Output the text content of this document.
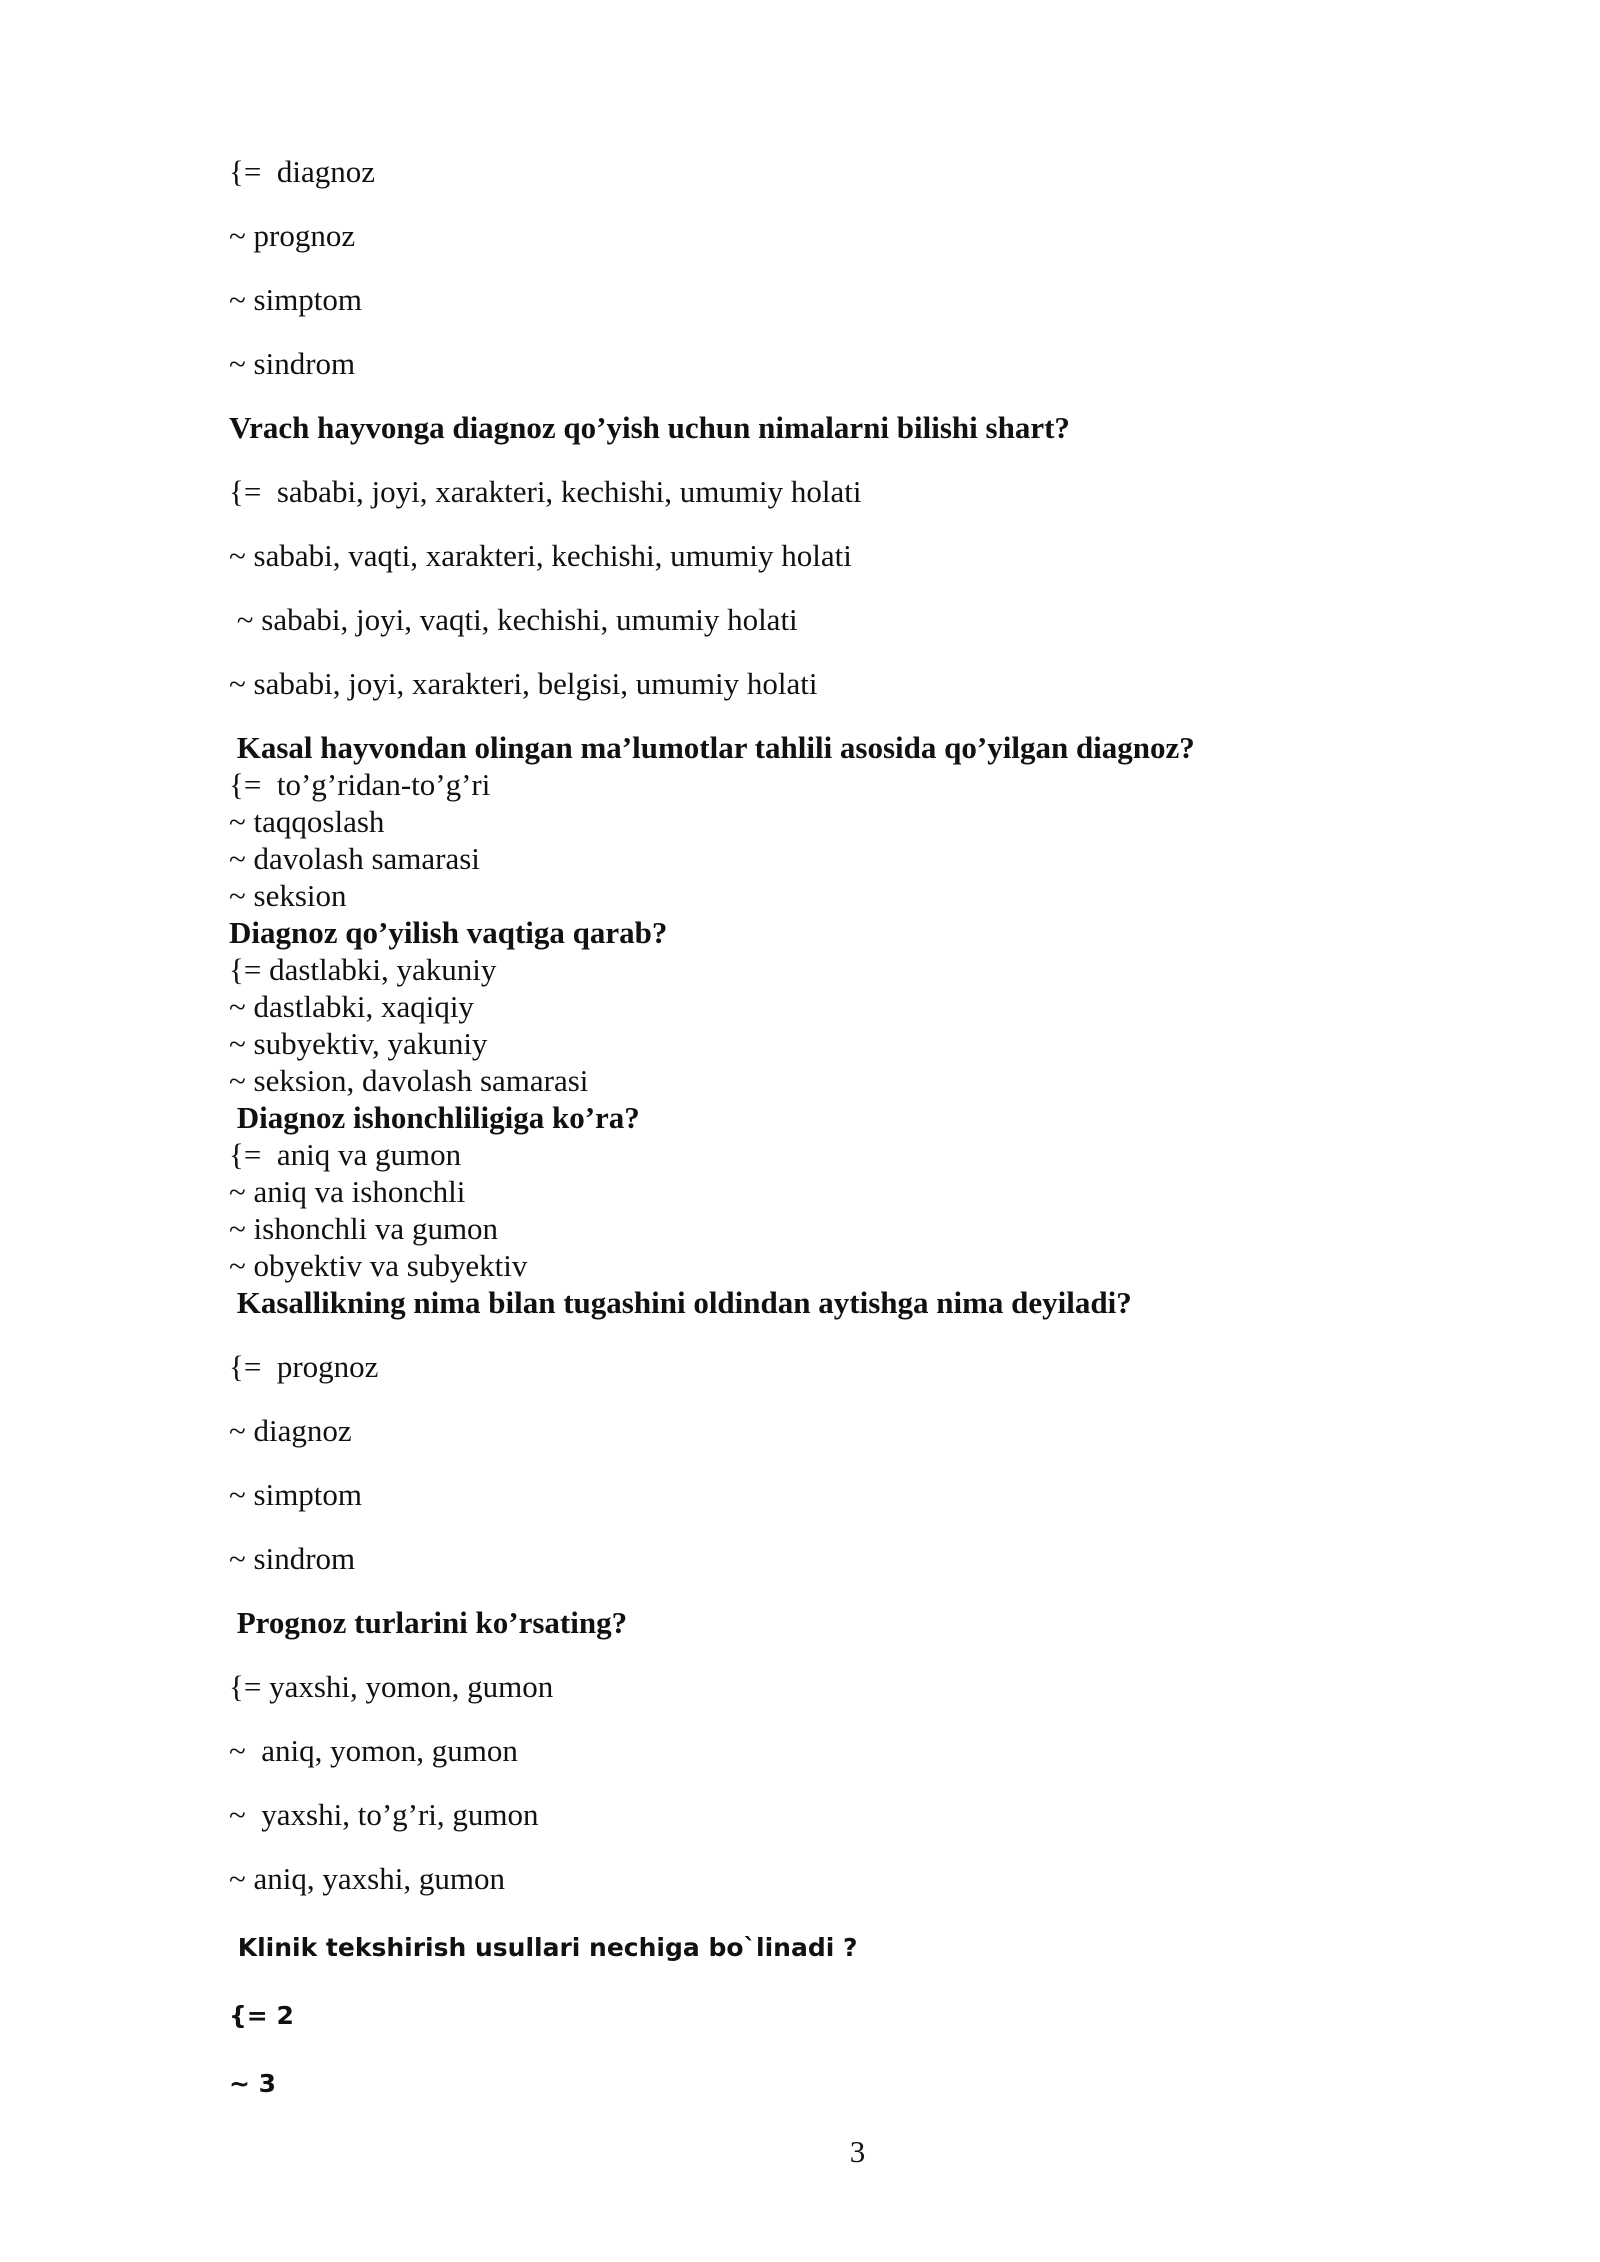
{=  diagnoz
~ prognoz
~ simptom
~ sindrom
Vrach hayvonga diagnoz qo’yish uchun nimalarni bilishi shart?
{=  sababi, joyi, xarakteri, kechishi, umumiy holati
~ sababi, vaqti, xarakteri, kechishi, umumiy holati
~ sababi, joyi, vaqti, kechishi, umumiy holati
~ sababi, joyi, xarakteri, belgisi, umumiy holati
Kasal hayvondan olingan ma’lumotlar tahlili asosida qo’yilgan diagnoz?
{=  to’g’ridan-to’g’ri
~ taqqoslash
~ davolash samarasi
~ seksion
Diagnoz qo’yilish vaqtiga qarab?
{= dastlabki, yakuniy
~ dastlabki, xaqiqiy
~ subyektiv, yakuniy
~ seksion, davolash samarasi
Diagnoz ishonchliligiga ko’ra?
{=  aniq va gumon
~ aniq va ishonchli
~ ishonchli va gumon
~ obyektiv va subyektiv
Kasallikning nima bilan tugashini oldindan aytishga nima deyiladi?
{=  prognoz
~ diagnoz
~ simptom
~ sindrom
Prognoz turlarini ko’rsating?
{= yaxshi, yomon, gumon
~  aniq, yomon, gumon
~  yaxshi, to’g’ri, gumon
~ aniq, yaxshi, gumon
Klinik tekshirish usullari nechiga bo`linadi ?
{= 2
~ 3
3
